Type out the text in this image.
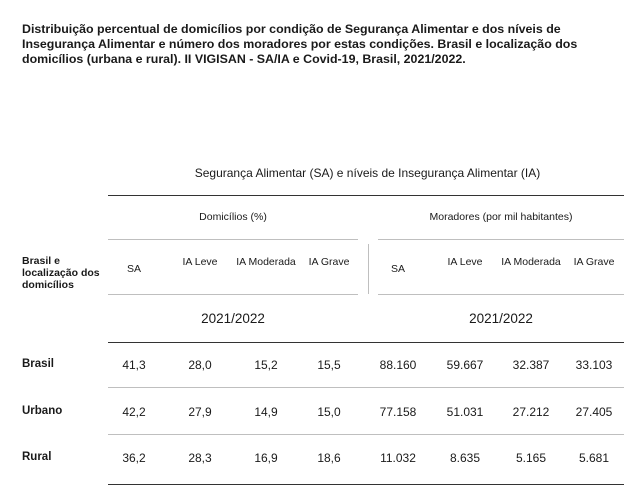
Distribuição percentual de domicílios por condição de Segurança Alimentar e dos níveis de Insegurança Alimentar e número dos moradores por estas condições. Brasil e localização dos domicílios (urbana e rural). II VIGISAN - SA/IA e Covid-19, Brasil, 2021/2022.
Segurança Alimentar (SA) e níveis de Insegurança Alimentar (IA)
Domicílios (%)	Moradores (por mil habitantes)
Brasil e localização dos domicílios
SA
IA Leve	IA Moderada	IA Grave
SA
IA Leve	IA Moderada	IA Grave
2021/2022	2021/2022
Brasil	41,3	28,0	15,2	15,5	88.160	59.667	32.387	33.103
Urbano	42,2	27,9	14,9	15,0	77.158	51.031	27.212	27.405
Rural	36,2	28,3	16,9	18,6	11.032	8.635	5.165	5.681
